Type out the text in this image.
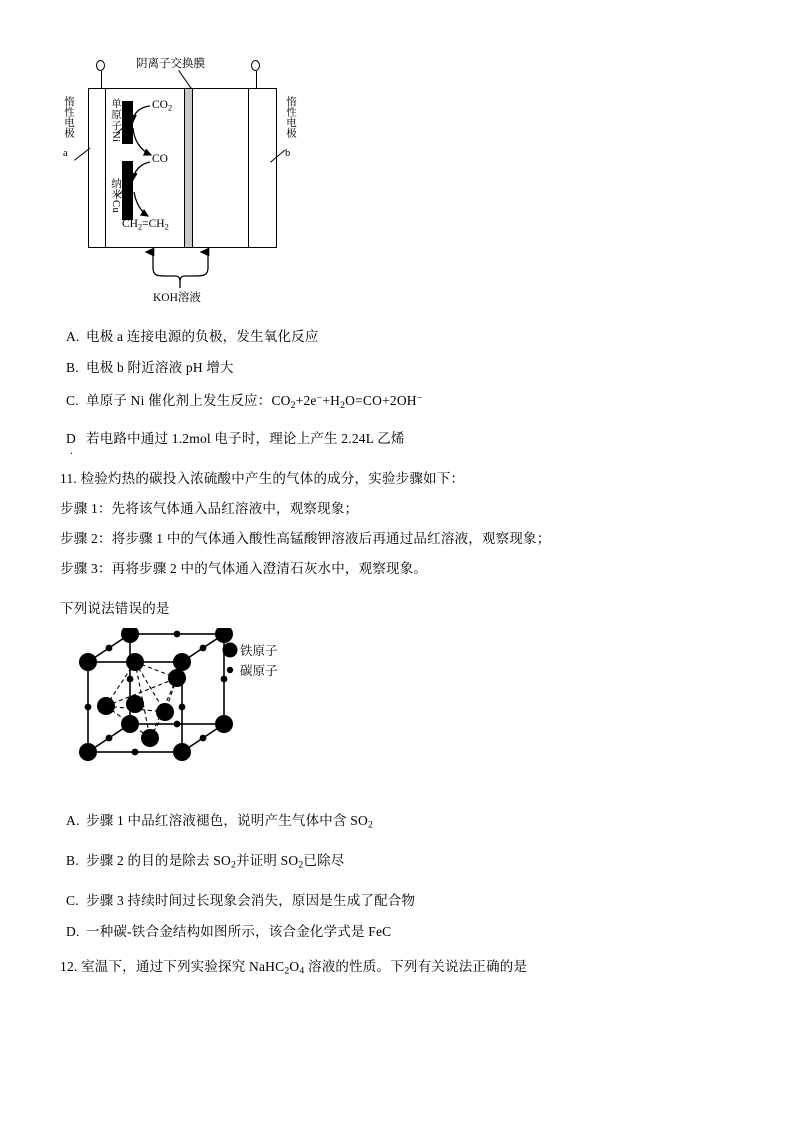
阴离子交换膜
惰性电极
a
惰性电极
b
单原子Ni
纳米Cu
$CO_2$
CO
$CH_2=CH_2$
KOH溶液
A. 电极 a 连接电源的负极，发生氧化反应
B. 电极 b 附近溶液 pH 增大
C. 单原子 Ni 催化剂上发生反应：$CO_2+2e^-+H_2O=CO+2OH^-$
D 若电路中通过 1.2mol 电子时，理论上产生 2.24L 乙烯
.
11. 检验灼热的碳投入浓硫酸中产生的气体的成分，实验步骤如下：
步骤 1：先将该气体通入品红溶液中，观察现象；
步骤 2：将步骤 1 中的气体通入酸性高锰酸钾溶液后再通过品红溶液，观察现象；
步骤 3：再将步骤 2 中的气体通入澄清石灰水中，观察现象。
下列说法错误的是
铁原子
碳原子
A. 步骤 1 中品红溶液褪色，说明产生气体中含 $SO_2$
B. 步骤 2 的目的是除去 $SO_2$并证明 $SO_2$已除尽
C. 步骤 3 持续时间过长现象会消失，原因是生成了配合物
D. 一种碳-铁合金结构如图所示，该合金化学式是 FeC
12. 室温下，通过下列实验探究 $NaHC_2O_4$ 溶液的性质。下列有关说法正确的是
